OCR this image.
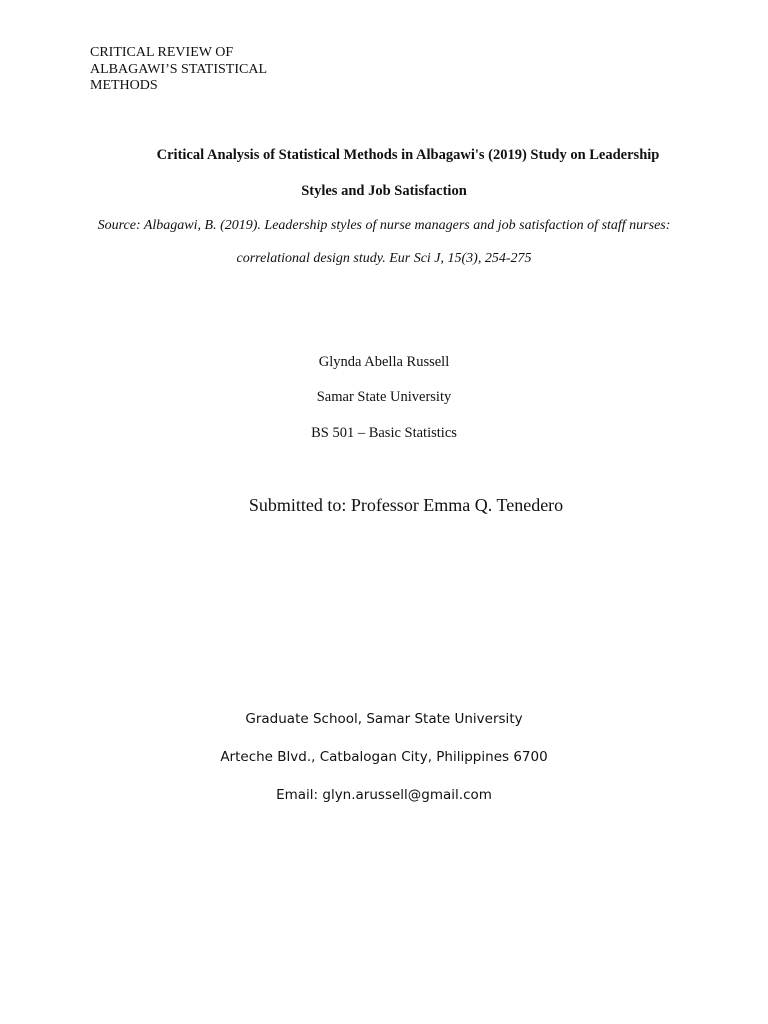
CRITICAL REVIEW OF
ALBAGAWI’S STATISTICAL
METHODS
Critical Analysis of Statistical Methods in Albagawi's (2019) Study on Leadership
Styles and Job Satisfaction
Source: Albagawi, B. (2019). Leadership styles of nurse managers and job satisfaction of staff nurses:
correlational design study. Eur Sci J, 15(3), 254-275
Glynda Abella Russell
Samar State University
BS 501 – Basic Statistics
Submitted to: Professor Emma Q. Tenedero
Graduate School, Samar State University
Arteche Blvd., Catbalogan City, Philippines 6700
Email: glyn.arussell@gmail.com
